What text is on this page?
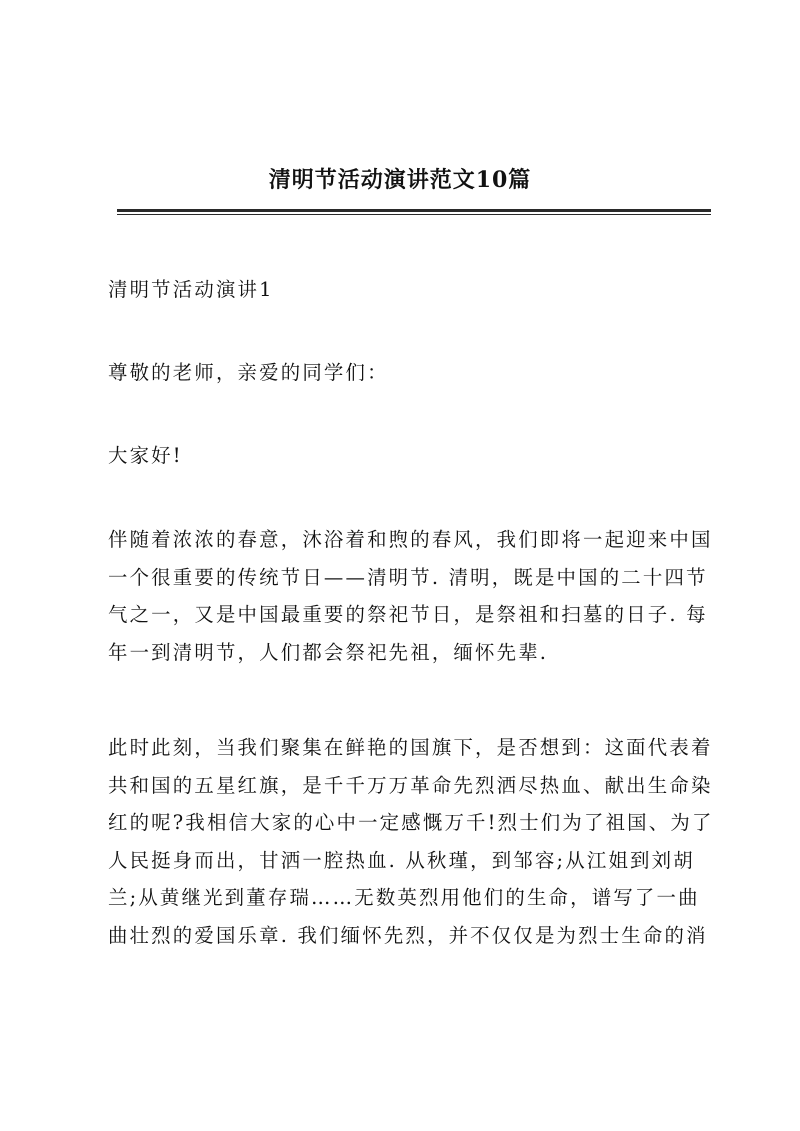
清明节活动演讲范文10篇

清明节活动演讲1

尊敬的老师，亲爱的同学们：

大家好!

伴随着浓浓的春意，沐浴着和煦的春风，我们即将一起迎来中国
一个很重要的传统节日——清明节. 清明，既是中国的二十四节
气之一，又是中国最重要的祭祀节日，是祭祖和扫墓的日子. 每
年一到清明节，人们都会祭祀先祖，缅怀先辈.

此时此刻，当我们聚集在鲜艳的国旗下，是否想到：这面代表着
共和国的五星红旗，是千千万万革命先烈洒尽热血、献出生命染
红的呢?我相信大家的心中一定感慨万千!烈士们为了祖国、为了
人民挺身而出，甘洒一腔热血. 从秋瑾，到邹容;从江姐到刘胡
兰;从黄继光到董存瑞……无数英烈用他们的生命，谱写了一曲
曲壮烈的爱国乐章. 我们缅怀先烈，并不仅仅是为烈士生命的消
